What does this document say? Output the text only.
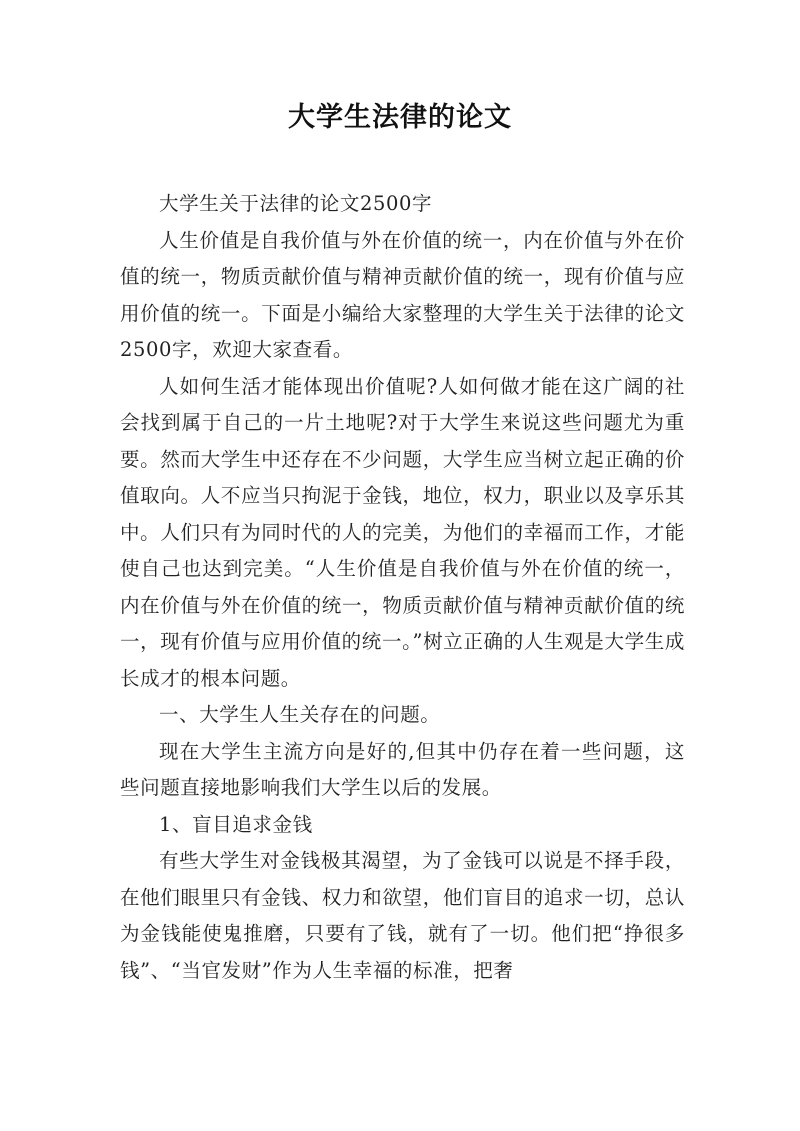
大学生法律的论文

大学生关于法律的论文2500字

人生价值是自我价值与外在价值的统一，内在价值与外在价值的统一，物质贡献价值与精神贡献价值的统一，现有价值与应用价值的统一。下面是小编给大家整理的大学生关于法律的论文2500字，欢迎大家查看。

人如何生活才能体现出价值呢?人如何做才能在这广阔的社会找到属于自己的一片土地呢?对于大学生来说这些问题尤为重要。然而大学生中还存在不少问题，大学生应当树立起正确的价值取向。人不应当只拘泥于金钱，地位，权力，职业以及享乐其中。人们只有为同时代的人的完美，为他们的幸福而工作，才能使自己也达到完美。“人生价值是自我价值与外在价值的统一，内在价值与外在价值的统一，物质贡献价值与精神贡献价值的统一，现有价值与应用价值的统一。”树立正确的人生观是大学生成长成才的根本问题。

一、大学生人生关存在的问题。

现在大学生主流方向是好的,但其中仍存在着一些问题，这些问题直接地影响我们大学生以后的发展。

1、盲目追求金钱

有些大学生对金钱极其渴望，为了金钱可以说是不择手段，在他们眼里只有金钱、权力和欲望，他们盲目的追求一切，总认为金钱能使鬼推磨，只要有了钱，就有了一切。他们把“挣很多钱”、“当官发财”作为人生幸福的标准，把奢
